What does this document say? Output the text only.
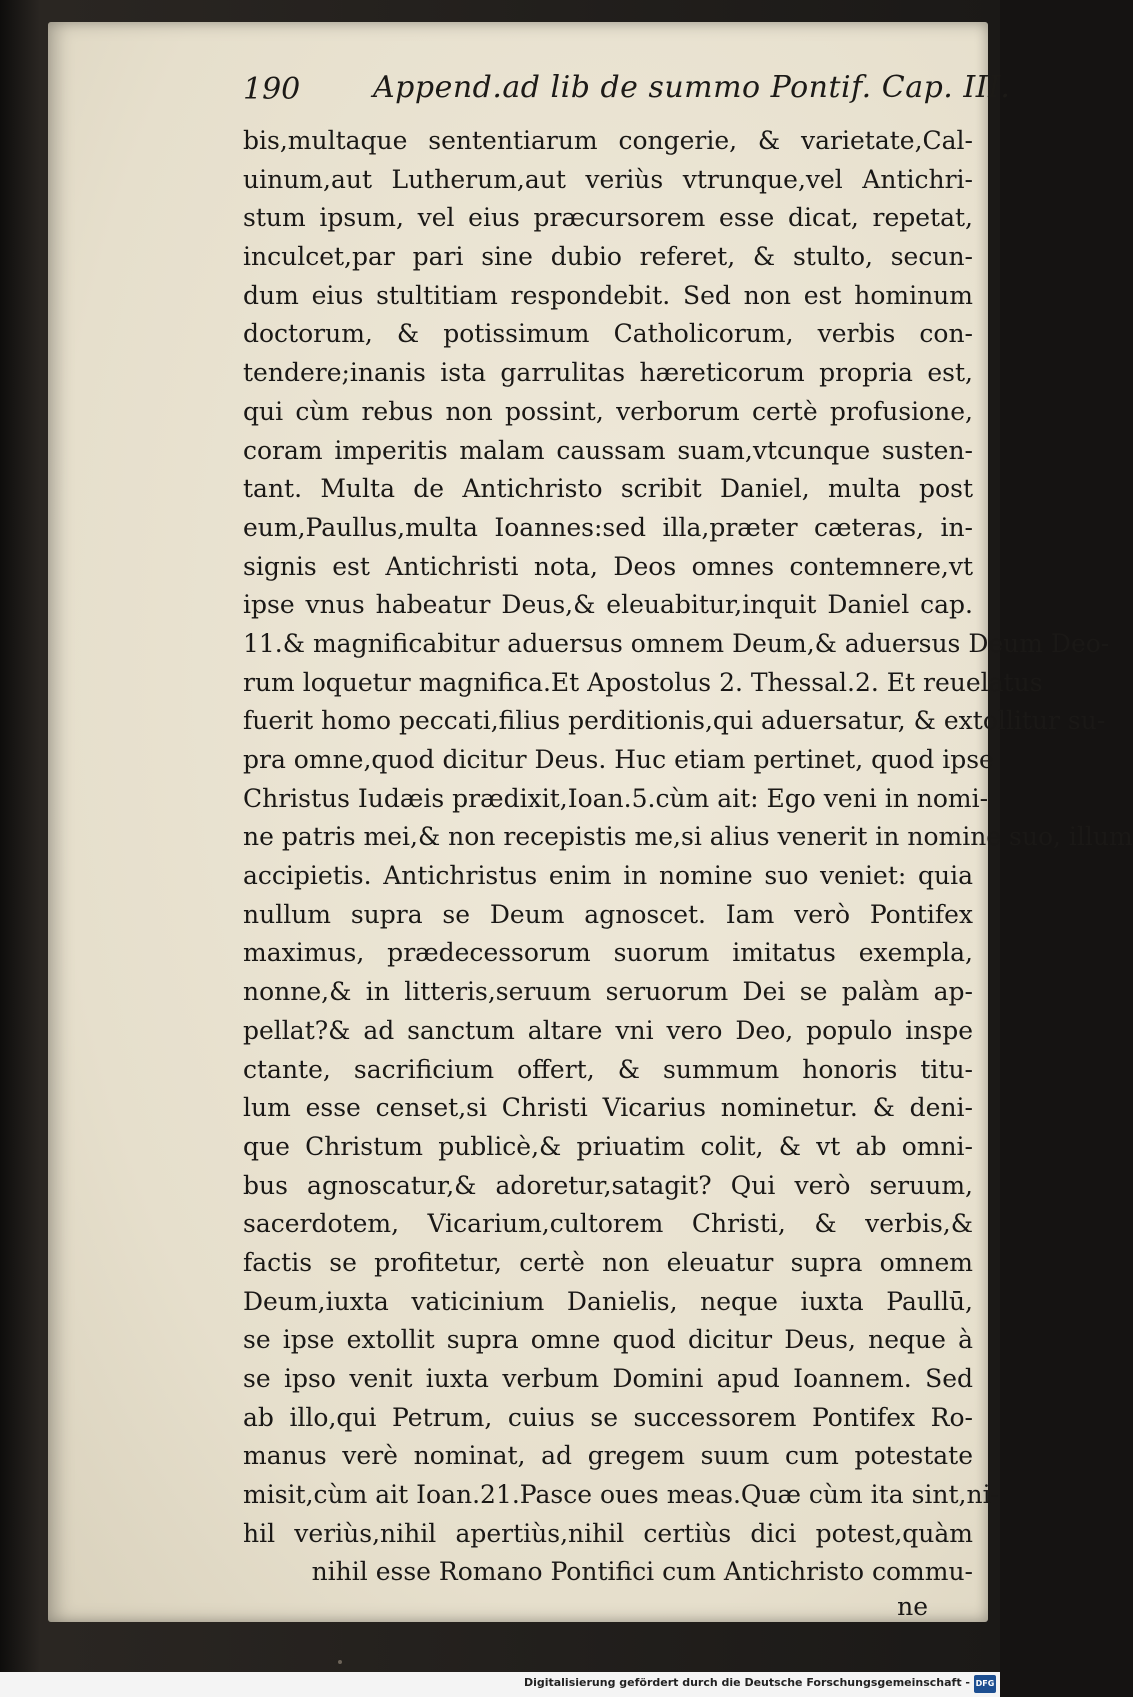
190 Append.ad lib de summo Pontif. Cap. III.
bis,multaque sententiarum congerie, & varietate,Cal-
uinum,aut Lutherum,aut veriùs vtrunque,vel Antichri-
stum ipsum, vel eius præcursorem esse dicat, repetat,
inculcet,par pari sine dubio referet, & stulto, secun-
dum eius stultitiam respondebit. Sed non est hominum
doctorum, & potissimum Catholicorum, verbis con-
tendere;inanis ista garrulitas hæreticorum propria est,
qui cùm rebus non possint, verborum certè profusione,
coram imperitis malam caussam suam,vtcunque susten-
tant. Multa de Antichristo scribit Daniel, multa post
eum,Paullus,multa Ioannes:sed illa,præter cæteras, in-
signis est Antichristi nota, Deos omnes contemnere,vt
ipse vnus habeatur Deus,& eleuabitur,inquit Daniel cap.
11.& magnificabitur aduersus omnem Deum,& aduersus Deum Deo-
rum loquetur magnifica.Et Apostolus 2. Thessal.2. Et reuelatus
fuerit homo peccati,filius perditionis,qui aduersatur, & extollitur su-
pra omne,quod dicitur Deus. Huc etiam pertinet, quod ipse
Christus Iudæis prædixit,Ioan.5.cùm ait: Ego veni in nomi-
ne patris mei,& non recepistis me,si alius venerit in nomine suo, illum
accipietis. Antichristus enim in nomine suo veniet: quia
nullum supra se Deum agnoscet. Iam verò Pontifex
maximus, prædecessorum suorum imitatus exempla,
nonne,& in litteris,seruum seruorum Dei se palàm ap-
pellat?& ad sanctum altare vni vero Deo, populo inspe
ctante, sacrificium offert, & summum honoris titu-
lum esse censet,si Christi Vicarius nominetur. & deni-
que Christum publicè,& priuatim colit, & vt ab omni-
bus agnoscatur,& adoretur,satagit? Qui verò seruum,
sacerdotem, Vicarium,cultorem Christi, & verbis,&
factis se profitetur, certè non eleuatur supra omnem
Deum,iuxta vaticinium Danielis, neque iuxta Paullū,
se ipse extollit supra omne quod dicitur Deus, neque à
se ipso venit iuxta verbum Domini apud Ioannem. Sed
ab illo,qui Petrum, cuius se successorem Pontifex Ro-
manus verè nominat, ad gregem suum cum potestate
misit,cùm ait Ioan.21.Pasce oues meas.Quæ cùm ita sint,ni-
hil veriùs,nihil apertiùs,nihil certiùs dici potest,quàm
nihil esse Romano Pontifici cum Antichristo commu-
ne
Digitalisierung gefördert durch die Deutsche Forschungsgemeinschaft - DFG
